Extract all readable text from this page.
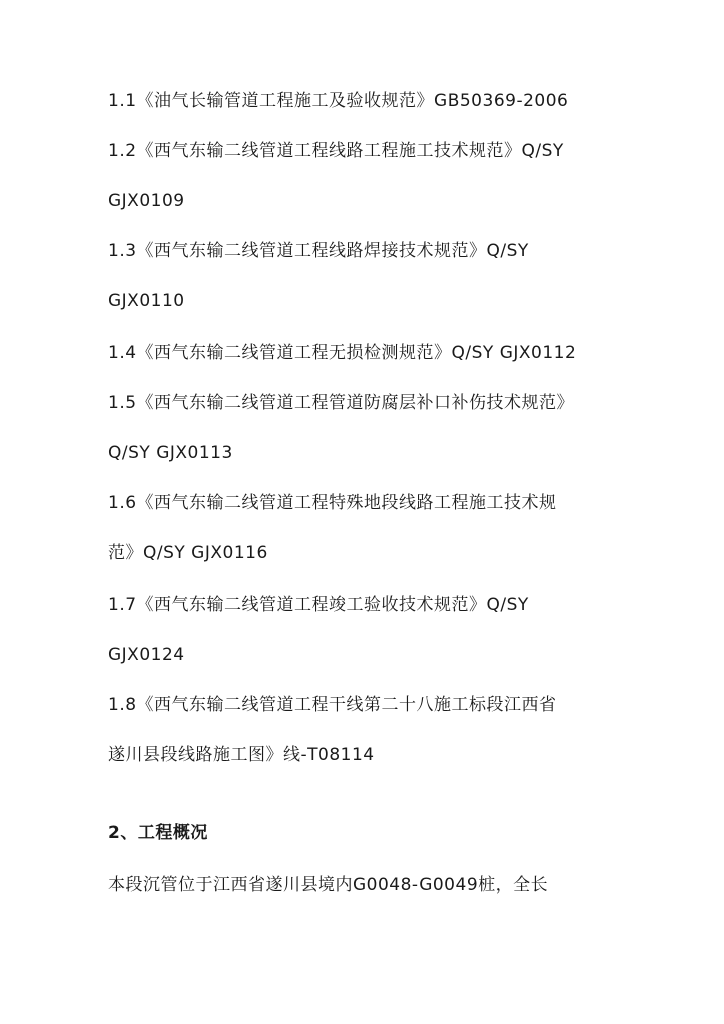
1.1《油气长输管道工程施工及验收规范》GB50369-2006
1.2《西气东输二线管道工程线路工程施工技术规范》Q/SY
GJX0109
1.3《西气东输二线管道工程线路焊接技术规范》Q/SY
GJX0110
1.4《西气东输二线管道工程无损检测规范》Q/SY GJX0112
1.5《西气东输二线管道工程管道防腐层补口补伤技术规范》
Q/SY GJX0113
1.6《西气东输二线管道工程特殊地段线路工程施工技术规
范》Q/SY GJX0116
1.7《西气东输二线管道工程竣工验收技术规范》Q/SY
GJX0124
1.8《西气东输二线管道工程干线第二十八施工标段江西省
遂川县段线路施工图》线-T08114
2、工程概况
本段沉管位于江西省遂川县境内G0048-G0049桩，全长
